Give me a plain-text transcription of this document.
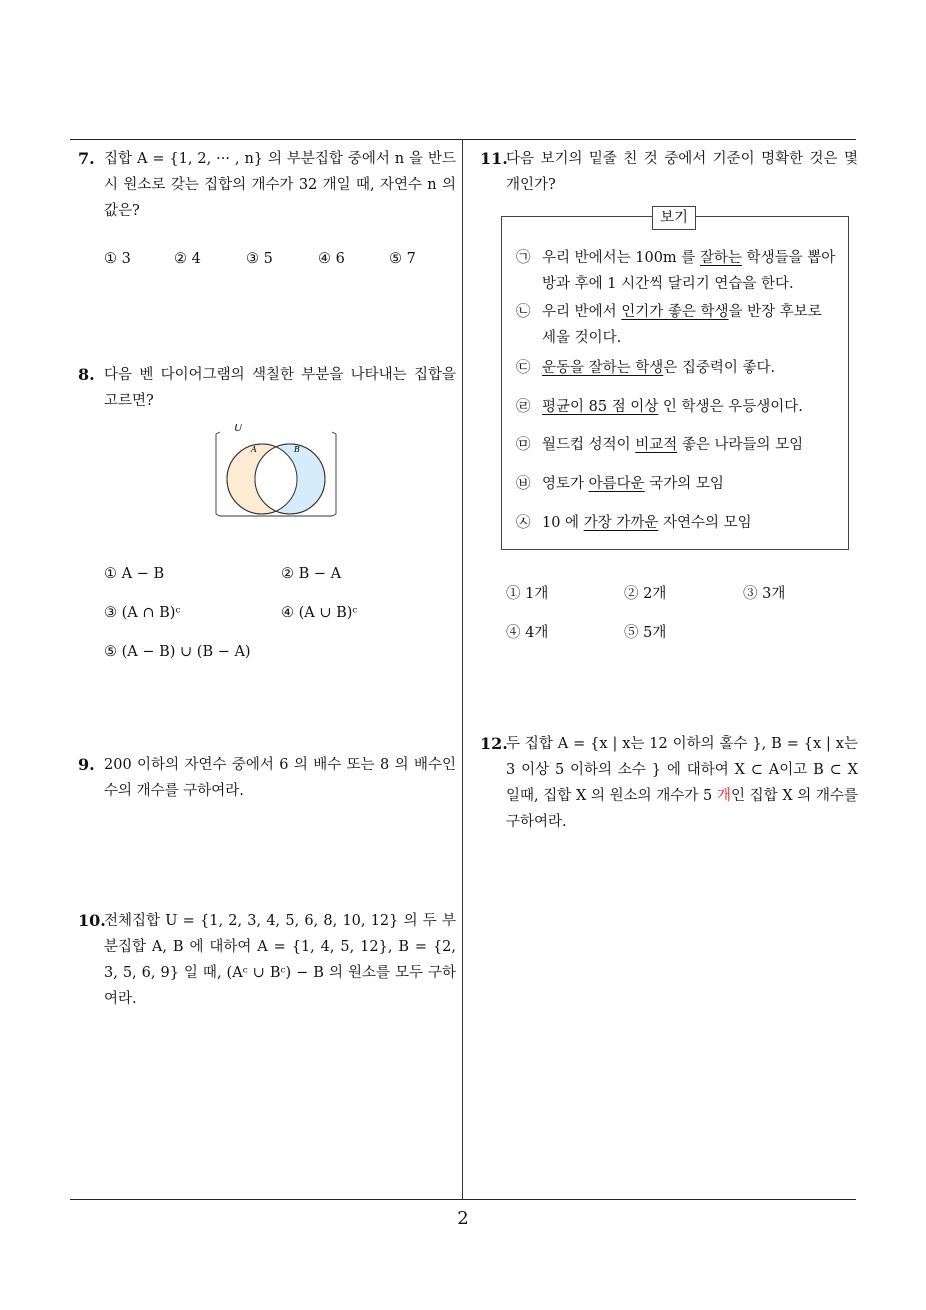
7. 집합 A = {1, 2, ··· , n} 의 부분집합 중에서 n 을 반드시 원소로 갖는 집합의 개수가 32 개일 때, 자연수 n 의 값은?
① 3	② 4	③ 5	④ 6	⑤ 7
8. 다음 벤 다이어그램의 색칠한 부분을 나타내는 집합을 고르면?
U
A	B
① A − B	② B − A
③ (A ∩ B)ᶜ	④ (A ∪ B)ᶜ
⑤ (A − B) ∪ (B − A)
9. 200 이하의 자연수 중에서 6 의 배수 또는 8 의 배수인 수의 개수를 구하여라.
10.
전체집합 U = {1, 2, 3, 4, 5, 6, 8, 10, 12} 의 두 부분집합 A, B 에 대하여 A = {1, 4, 5, 12}, B = {2, 3, 5, 6, 9} 일 때, (Aᶜ ∪ Bᶜ) − B 의 원소를 모두 구하여라.
11.
다음 보기의 밑줄 친 것 중에서 기준이 명확한 것은 몇 개인가?
보기
㉠ 우리 반에서는 100m 를 잘하는 학생들을 뽑아 방과 후에 1 시간씩 달리기 연습을 한다.
㉡ 우리 반에서 인기가 좋은 학생을 반장 후보로 세울 것이다.
㉢ 운동을 잘하는 학생은 집중력이 좋다.
㉣ 평균이 85 점 이상 인 학생은 우등생이다.
㉤ 월드컵 성적이 비교적 좋은 나라들의 모임
㉥ 영토가 아름다운 국가의 모임
㉦ 10 에 가장 가까운 자연수의 모임
① 1개	② 2개	③ 3개
④ 4개	⑤ 5개
12.
두 집합 A = {x | x는 12 이하의 홀수 }, B = {x | x는 3 이상 5 이하의 소수 } 에 대하여 X ⊂ A이고 B ⊂ X 일때, 집합 X 의 원소의 개수가 5 개인 집합 X 의 개수를 구하여라.
2
